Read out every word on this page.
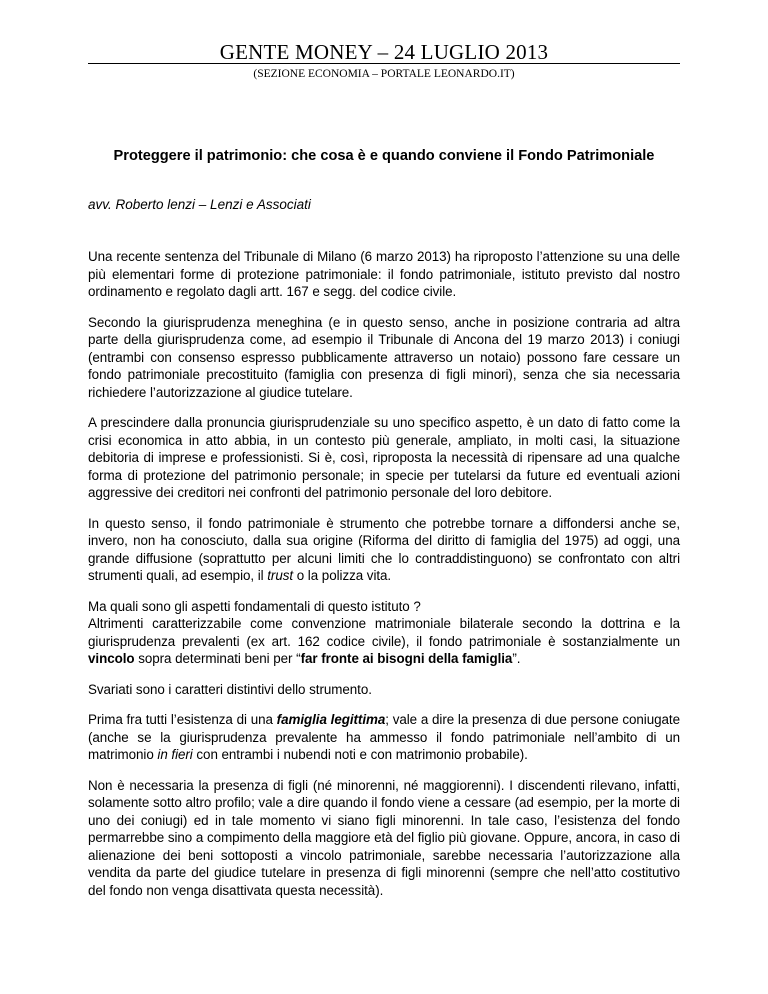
GENTE MONEY – 24 LUGLIO 2013
(SEZIONE ECONOMIA – PORTALE LEONARDO.IT)
Proteggere il patrimonio: che cosa è e quando conviene il Fondo Patrimoniale

avv. Roberto lenzi – Lenzi e Associati

Una recente sentenza del Tribunale di Milano (6 marzo 2013) ha riproposto l’attenzione su una delle più elementari forme di protezione patrimoniale: il fondo patrimoniale, istituto previsto dal nostro ordinamento e regolato dagli artt. 167 e segg. del codice civile.

Secondo la giurisprudenza meneghina (e in questo senso, anche in posizione contraria ad altra parte della giurisprudenza come, ad esempio il Tribunale di Ancona del 19 marzo 2013) i coniugi (entrambi con consenso espresso pubblicamente attraverso un notaio) possono fare cessare un fondo patrimoniale precostituito (famiglia con presenza di figli minori), senza che sia necessaria richiedere l’autorizzazione al giudice tutelare.

A prescindere dalla pronuncia giurisprudenziale su uno specifico aspetto, è un dato di fatto come la crisi economica in atto abbia, in un contesto più generale, ampliato, in molti casi, la situazione debitoria di imprese e professionisti. Si è, così, riproposta la necessità di ripensare ad una qualche forma di protezione del patrimonio personale; in specie per tutelarsi da future ed eventuali azioni aggressive dei creditori nei confronti del patrimonio personale del loro debitore.

In questo senso, il fondo patrimoniale è strumento che potrebbe tornare a diffondersi anche se, invero, non ha conosciuto, dalla sua origine (Riforma del diritto di famiglia del 1975) ad oggi, una grande diffusione (soprattutto per alcuni limiti che lo contraddistinguono) se confrontato con altri strumenti quali, ad esempio, il trust o la polizza vita.

Ma quali sono gli aspetti fondamentali di questo istituto ?
Altrimenti caratterizzabile come convenzione matrimoniale bilaterale secondo la dottrina e la giurisprudenza prevalenti (ex art. 162 codice civile), il fondo patrimoniale è sostanzialmente un vincolo sopra determinati beni per “far fronte ai bisogni della famiglia”.

Svariati sono i caratteri distintivi dello strumento.

Prima fra tutti l’esistenza di una famiglia legittima; vale a dire la presenza di due persone coniugate (anche se la giurisprudenza prevalente ha ammesso il fondo patrimoniale nell’ambito di un matrimonio in fieri con entrambi i nubendi noti e con matrimonio probabile).

Non è necessaria la presenza di figli (né minorenni, né maggiorenni). I discendenti rilevano, infatti, solamente sotto altro profilo; vale a dire quando il fondo viene a cessare (ad esempio, per la morte di uno dei coniugi) ed in tale momento vi siano figli minorenni. In tale caso, l’esistenza del fondo permarrebbe sino a compimento della maggiore età del figlio più giovane. Oppure, ancora, in caso di alienazione dei beni sottoposti a vincolo patrimoniale, sarebbe necessaria l’autorizzazione alla vendita da parte del giudice tutelare in presenza di figli minorenni (sempre che nell’atto costitutivo del fondo non venga disattivata questa necessità).
